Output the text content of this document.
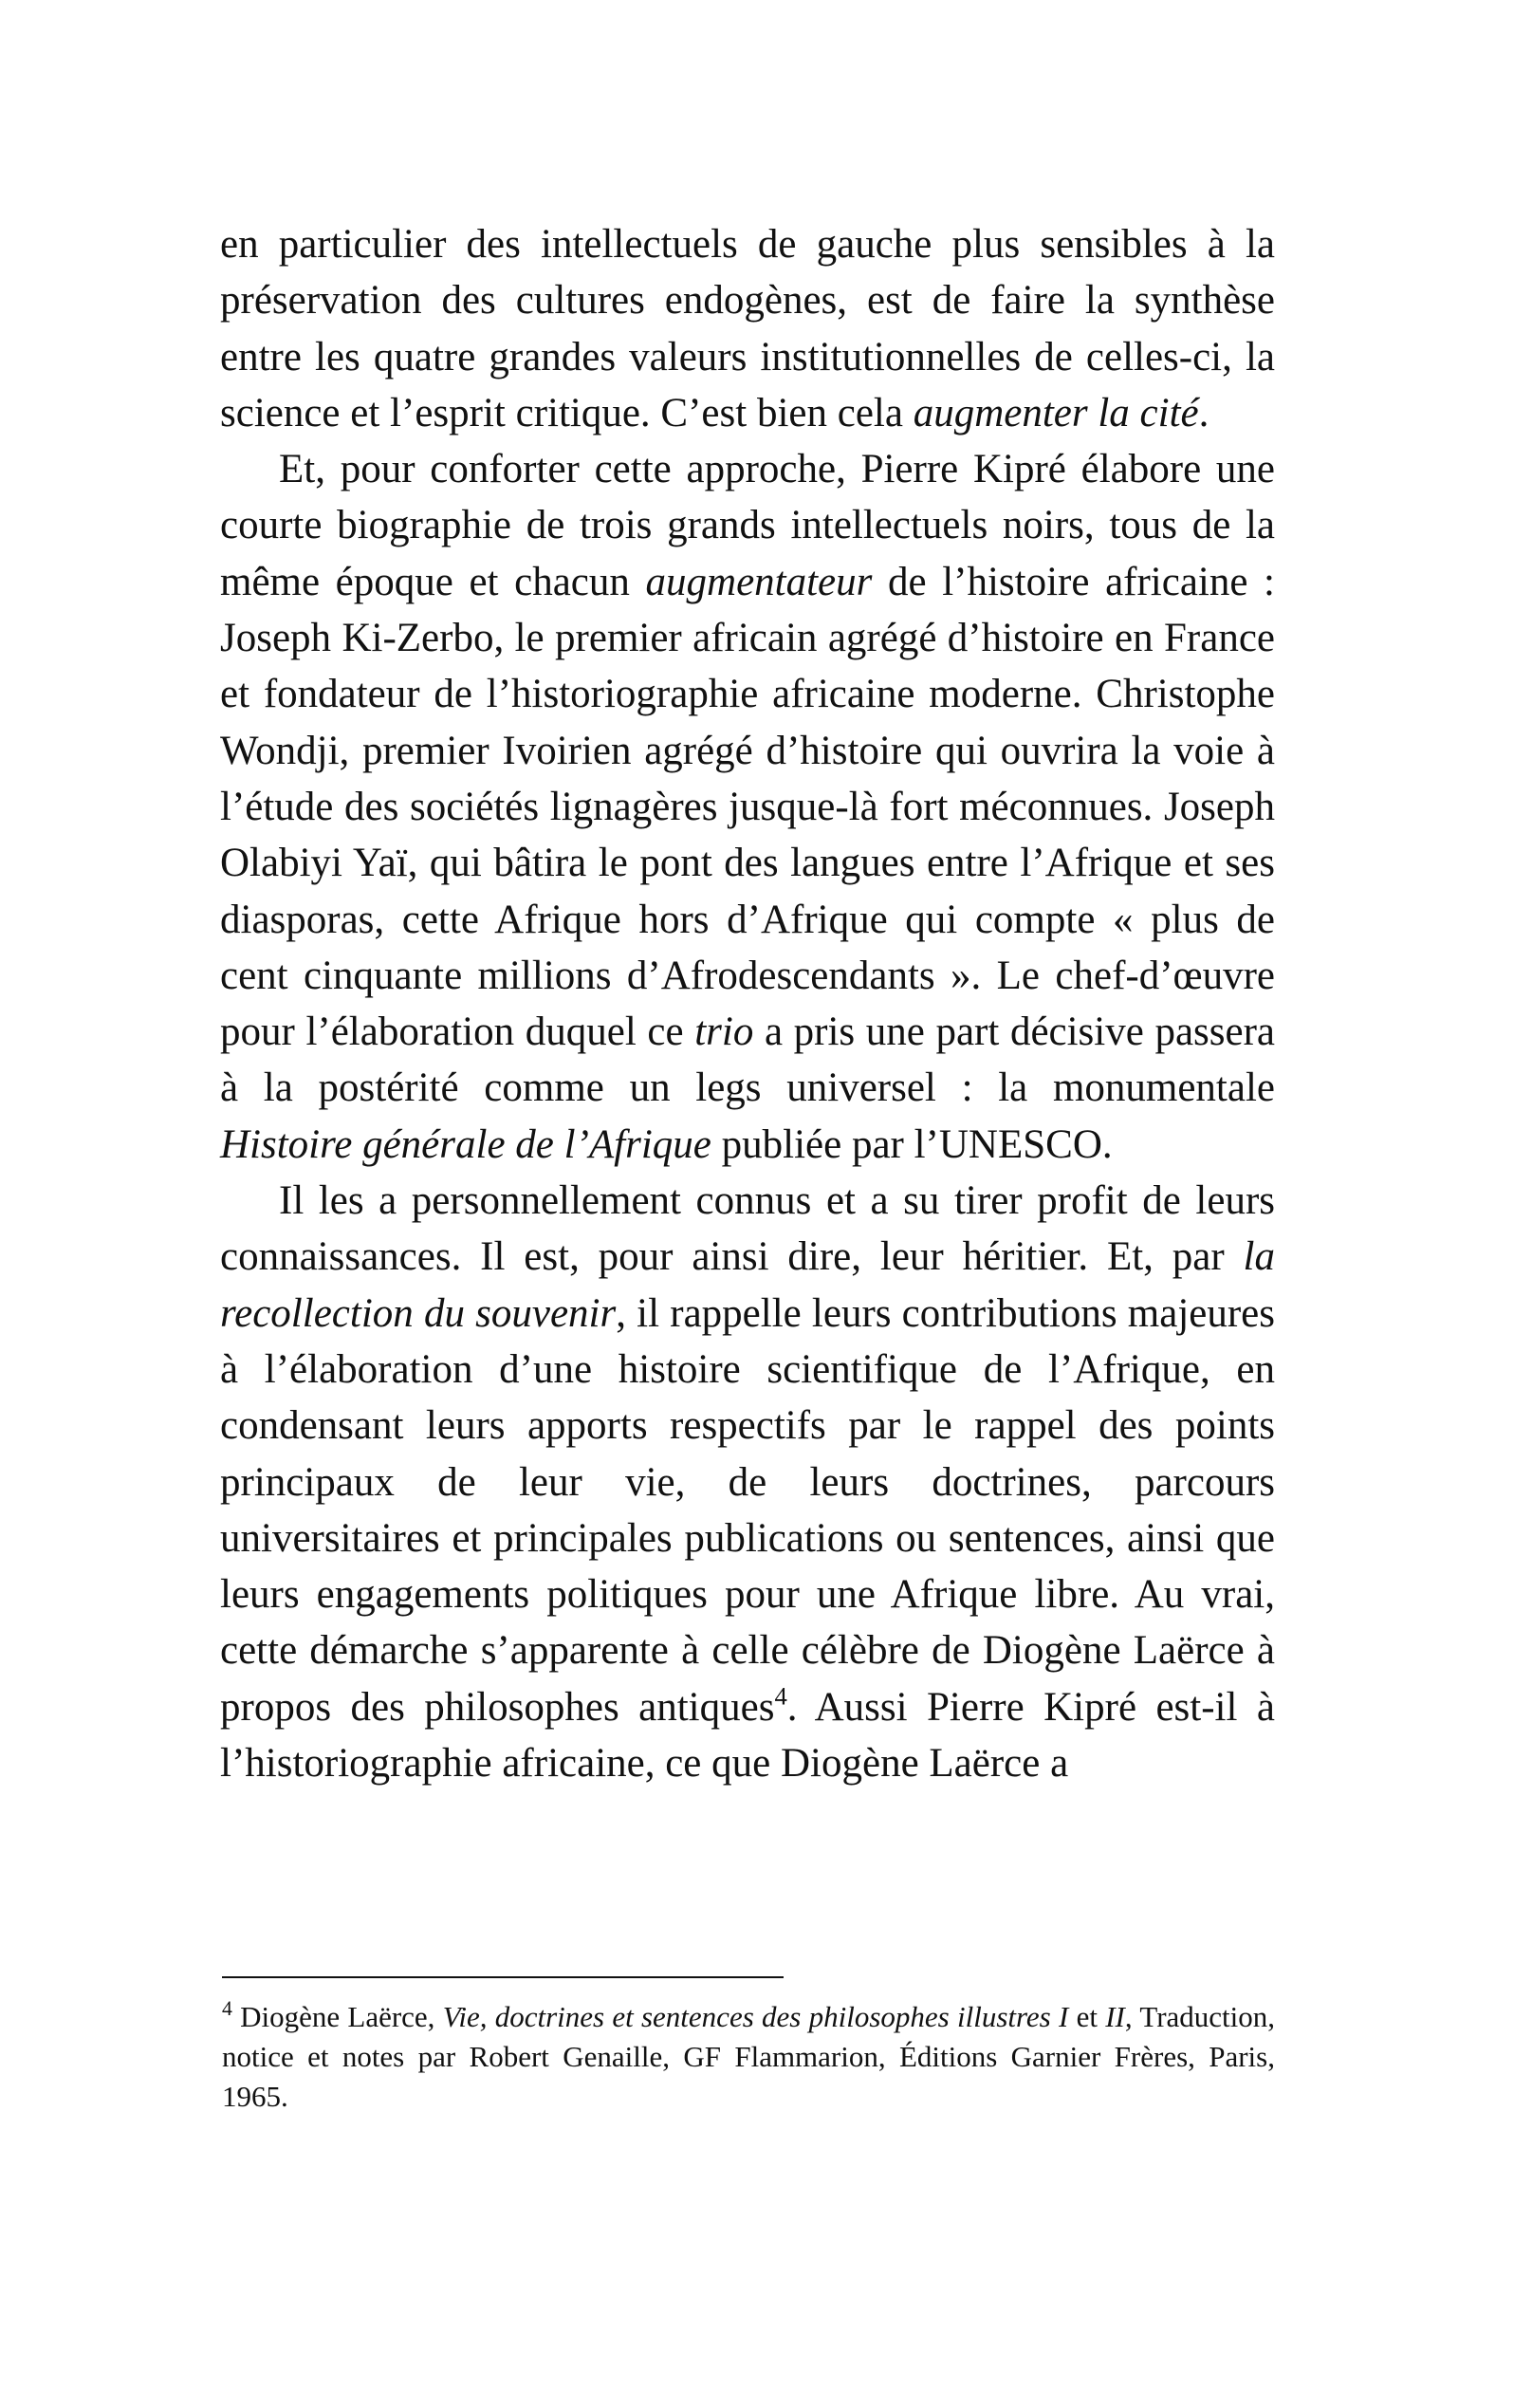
en particulier des intellectuels de gauche plus sensibles à la préservation des cultures endogènes, est de faire la synthèse entre les quatre grandes valeurs institutionnelles de celles-ci, la science et l’esprit critique. C’est bien cela augmenter la cité.

Et, pour conforter cette approche, Pierre Kipré élabore une courte biographie de trois grands intellectuels noirs, tous de la même époque et chacun augmentateur de l’histoire africaine : Joseph Ki-Zerbo, le premier africain agrégé d’histoire en France et fondateur de l’historiographie africaine moderne. Christophe Wondji, premier Ivoirien agrégé d’histoire qui ouvrira la voie à l’étude des sociétés lignagères jusque-là fort méconnues. Joseph Olabiyi Yaï, qui bâtira le pont des langues entre l’Afrique et ses diasporas, cette Afrique hors d’Afrique qui compte « plus de cent cinquante millions d’Afrodescendants ». Le chef-d’œuvre pour l’élaboration duquel ce trio a pris une part décisive passera à la postérité comme un legs universel : la monumentale Histoire générale de l’Afrique publiée par l’UNESCO.

Il les a personnellement connus et a su tirer profit de leurs connaissances. Il est, pour ainsi dire, leur héritier. Et, par la recollection du souvenir, il rappelle leurs contributions majeures à l’élaboration d’une histoire scientifique de l’Afrique, en condensant leurs apports respectifs par le rappel des points principaux de leur vie, de leurs doctrines, parcours universitaires et principales publications ou sentences, ainsi que leurs engagements politiques pour une Afrique libre. Au vrai, cette démarche s’apparente à celle célèbre de Diogène Laërce à propos des philosophes antiques$^4$. Aussi Pierre Kipré est-il à l’historiographie africaine, ce que Diogène Laërce a

$^4$ Diogène Laërce, Vie, doctrines et sentences des philosophes illustres I et II, Traduction, notice et notes par Robert Genaille, GF Flammarion, Éditions Garnier Frères, Paris, 1965.
